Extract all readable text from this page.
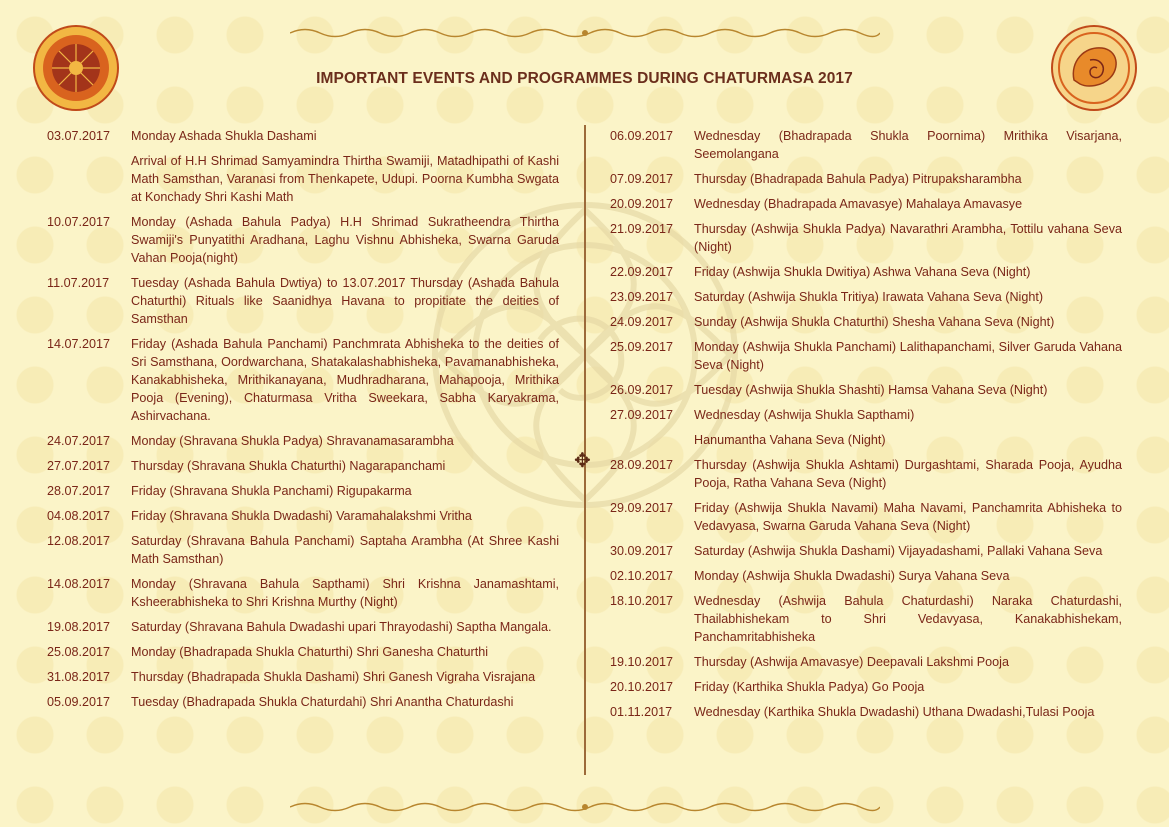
IMPORTANT EVENTS AND PROGRAMMES DURING CHATURMASA 2017
✥
03.07.2017	Monday Ashada Shukla Dashami
Arrival of H.H Shrimad Samyamindra Thirtha Swamiji, Matadhipathi of Kashi Math Samsthan, Varanasi from Thenkapete, Udupi. Poorna Kumbha Swgata at Konchady Shri Kashi Math
10.07.2017	Monday (Ashada Bahula Padya) H.H Shrimad Sukratheendra Thirtha Swamiji's Punyatithi Aradhana, Laghu Vishnu Abhisheka, Swarna Garuda Vahan Pooja(night)
11.07.2017	Tuesday (Ashada Bahula Dwtiya) to 13.07.2017 Thursday (Ashada Bahula Chaturthi) Rituals like Saanidhya Havana to propitiate the deities of Samsthan
14.07.2017	Friday (Ashada Bahula Panchami) Panchmrata Abhisheka to the deities of Sri Samsthana, Oordwarchana, Shatakalashabhisheka, Pavamanabhisheka, Kanakabhisheka, Mrithikanayana, Mudhradharana, Mahapooja, Mrithika Pooja (Evening), Chaturmasa Vritha Sweekara, Sabha Karyakrama, Ashirvachana.
24.07.2017	Monday (Shravana Shukla Padya) Shravanamasarambha
27.07.2017	Thursday (Shravana Shukla Chaturthi) Nagarapanchami
28.07.2017	Friday (Shravana Shukla Panchami) Rigupakarma
04.08.2017	Friday (Shravana Shukla Dwadashi) Varamahalakshmi Vritha
12.08.2017	Saturday (Shravana Bahula Panchami) Saptaha Arambha (At Shree Kashi Math Samsthan)
14.08.2017	Monday (Shravana Bahula Sapthami) Shri Krishna Janamashtami, Ksheerabhisheka to Shri Krishna Murthy (Night)
19.08.2017	Saturday (Shravana Bahula Dwadashi upari Thrayodashi) Saptha Mangala.
25.08.2017	Monday (Bhadrapada Shukla Chaturthi) Shri Ganesha Chaturthi
31.08.2017	Thursday (Bhadrapada Shukla Dashami) Shri Ganesh Vigraha Visrajana
05.09.2017	Tuesday (Bhadrapada Shukla Chaturdahi) Shri Anantha Chaturdashi
06.09.2017	Wednesday (Bhadrapada Shukla Poornima) Mrithika Visarjana, Seemolangana
07.09.2017	Thursday (Bhadrapada Bahula Padya) Pitrupaksharambha
20.09.2017	Wednesday (Bhadrapada Amavasye) Mahalaya Amavasye
21.09.2017	Thursday (Ashwija Shukla Padya) Navarathri Arambha, Tottilu vahana Seva (Night)
22.09.2017	Friday (Ashwija Shukla Dwitiya) Ashwa Vahana Seva (Night)
23.09.2017	Saturday (Ashwija Shukla Tritiya) Irawata Vahana Seva (Night)
24.09.2017	Sunday (Ashwija Shukla Chaturthi) Shesha Vahana Seva (Night)
25.09.2017	Monday (Ashwija Shukla Panchami) Lalithapanchami, Silver Garuda Vahana Seva (Night)
26.09.2017	Tuesday (Ashwija Shukla Shashti) Hamsa Vahana Seva (Night)
27.09.2017	Wednesday (Ashwija Shukla Sapthami)
Hanumantha Vahana Seva (Night)
28.09.2017	Thursday (Ashwija Shukla Ashtami) Durgashtami, Sharada Pooja, Ayudha Pooja, Ratha Vahana Seva (Night)
29.09.2017	Friday (Ashwija Shukla Navami) Maha Navami, Panchamrita Abhisheka to Vedavyasa, Swarna Garuda Vahana Seva (Night)
30.09.2017	Saturday (Ashwija Shukla Dashami) Vijayadashami, Pallaki Vahana Seva
02.10.2017	Monday (Ashwija Shukla Dwadashi) Surya Vahana Seva
18.10.2017	Wednesday (Ashwija Bahula Chaturdashi) Naraka Chaturdashi, Thailabhishekam to Shri Vedavyasa, Kanakabhishekam, Panchamritabhisheka
19.10.2017	Thursday (Ashwija Amavasye) Deepavali Lakshmi Pooja
20.10.2017	Friday (Karthika Shukla Padya) Go Pooja
01.11.2017	Wednesday (Karthika Shukla Dwadashi) Uthana Dwadashi,Tulasi Pooja
